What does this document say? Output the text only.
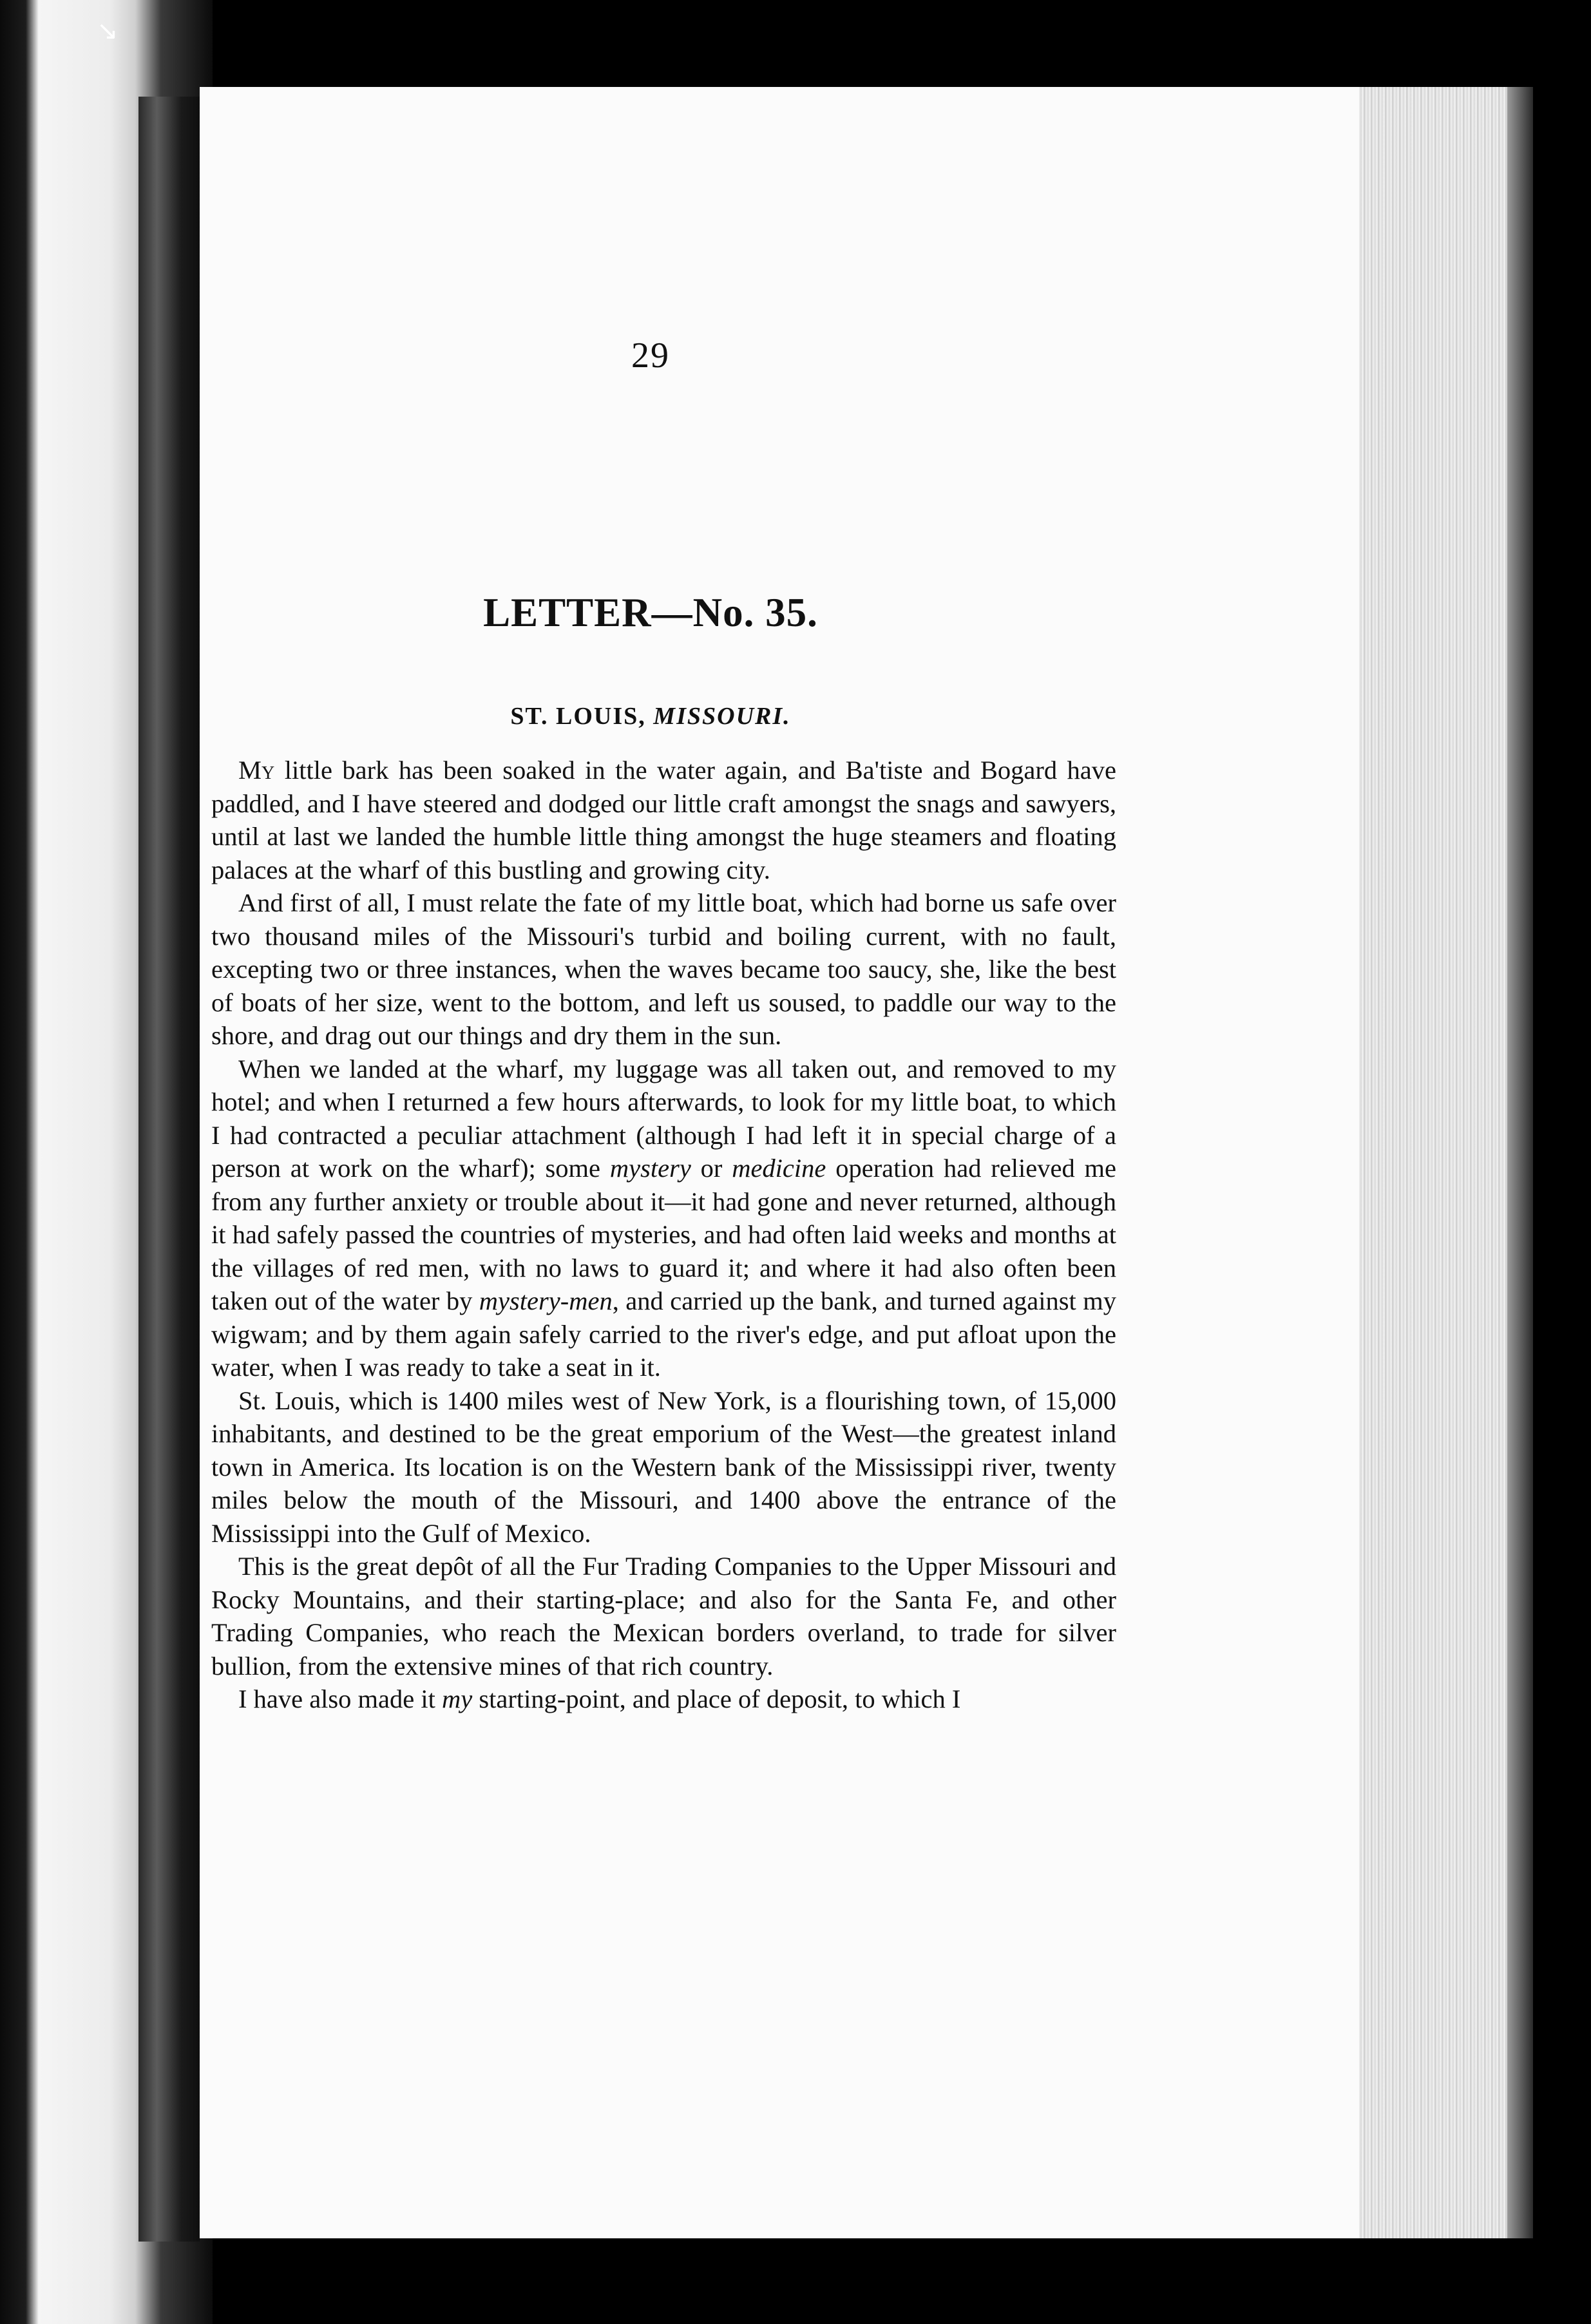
↘
29
LETTER—No. 35.
ST. LOUIS, MISSOURI.

My little bark has been soaked in the water again, and Ba'tiste and Bogard have paddled, and I have steered and dodged our little craft amongst the snags and sawyers, until at last we landed the humble little thing amongst the huge steamers and floating palaces at the wharf of this bustling and growing city.

And first of all, I must relate the fate of my little boat, which had borne us safe over two thousand miles of the Missouri's turbid and boiling current, with no fault, excepting two or three instances, when the waves became too saucy, she, like the best of boats of her size, went to the bottom, and left us soused, to paddle our way to the shore, and drag out our things and dry them in the sun.

When we landed at the wharf, my luggage was all taken out, and removed to my hotel; and when I returned a few hours afterwards, to look for my little boat, to which I had contracted a peculiar attachment (although I had left it in special charge of a person at work on the wharf); some mystery or medicine operation had relieved me from any further anxiety or trouble about it—it had gone and never returned, although it had safely passed the countries of mysteries, and had often laid weeks and months at the villages of red men, with no laws to guard it; and where it had also often been taken out of the water by mystery-men, and carried up the bank, and turned against my wigwam; and by them again safely carried to the river's edge, and put afloat upon the water, when I was ready to take a seat in it.

St. Louis, which is 1400 miles west of New York, is a flourishing town, of 15,000 inhabitants, and destined to be the great emporium of the West—the greatest inland town in America. Its location is on the Western bank of the Mississippi river, twenty miles below the mouth of the Missouri, and 1400 above the entrance of the Mississippi into the Gulf of Mexico.

This is the great depôt of all the Fur Trading Companies to the Upper Missouri and Rocky Mountains, and their starting-place; and also for the Santa Fe, and other Trading Companies, who reach the Mexican borders overland, to trade for silver bullion, from the extensive mines of that rich country.

I have also made it my starting-point, and place of deposit, to which I
